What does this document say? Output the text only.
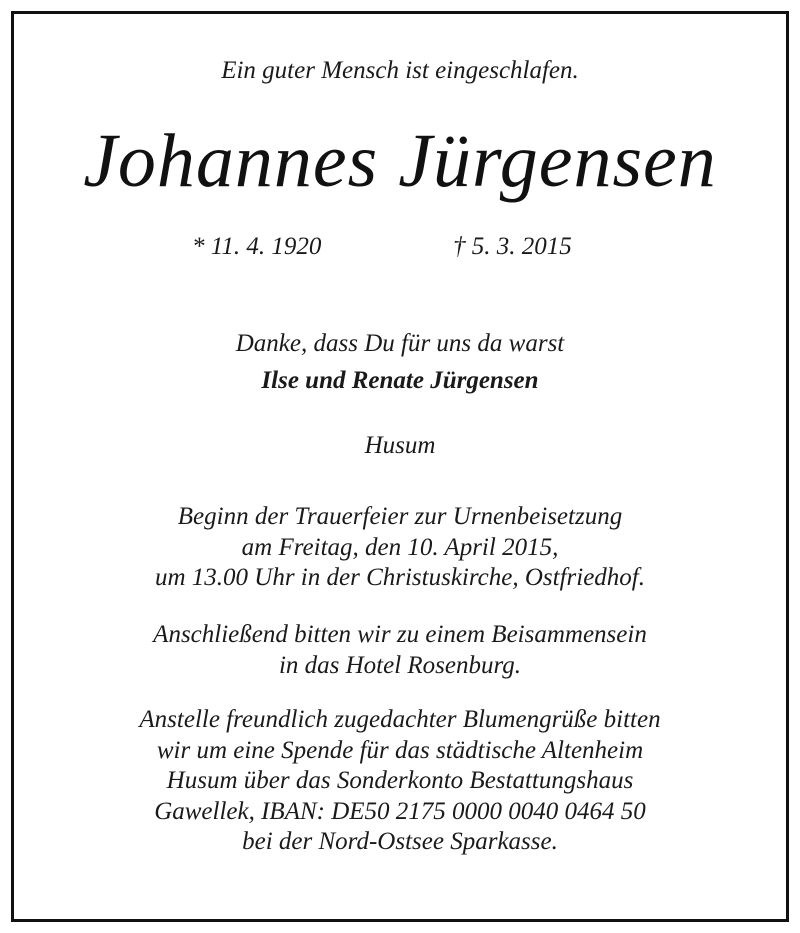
Ein guter Mensch ist eingeschlafen.
Johannes Jürgensen
* 11. 4. 1920	† 5. 3. 2015
Danke, dass Du für uns da warst
Ilse und Renate Jürgensen
Husum
Beginn der Trauerfeier zur Urnenbeisetzung
am Freitag, den 10. April 2015,
um 13.00 Uhr in der Christuskirche, Ostfriedhof.
Anschließend bitten wir zu einem Beisammensein
in das Hotel Rosenburg.
Anstelle freundlich zugedachter Blumengrüße bitten
wir um eine Spende für das städtische Altenheim
Husum über das Sonderkonto Bestattungshaus
Gawellek, IBAN: DE50 2175 0000 0040 0464 50
bei der Nord-Ostsee Sparkasse.
